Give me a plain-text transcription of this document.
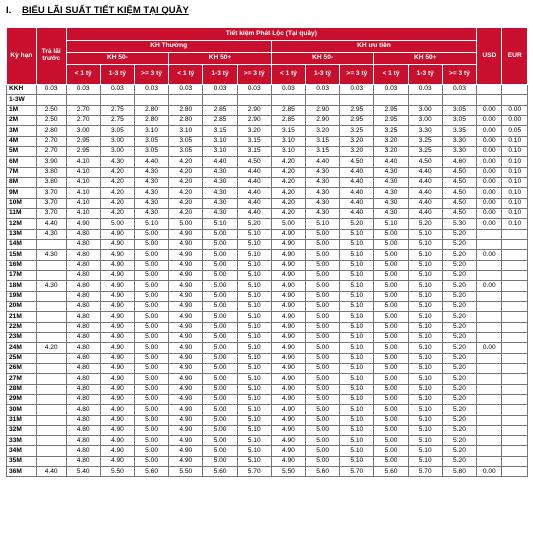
I. BIỂU LÃI SUẤT TIẾT KIỆM TẠI QUẦY
Kỳ hạn	Trả lãi trước	Tiết kiệm Phát Lộc (Tại quầy)												USD	EUR
		KH Thường						KH ưu tiên							
		KH 50-			KH 50+			KH 50-			KH 50+				
		< 1 tỷ	1-3 tỷ	>= 3 tỷ	< 1 tỷ	1-3 tỷ	>= 3 tỷ	< 1 tỷ	1-3 tỷ	>= 3 tỷ	< 1 tỷ	1-3 tỷ	>= 3 tỷ		
KKH	0.03	0.03	0.03	0.03	0.03	0.03	0.03	0.03	0.03	0.03	0.03	0.03	0.03		
1-3W															
1M	2.50	2.70	2.75	2.80	2.80	2.85	2.90	2.85	2.90	2.95	2.95	3.00	3.05	0.00	0.00
2M	2.50	2.70	2.75	2.80	2.80	2.85	2.90	2.85	2.90	2.95	2.95	3.00	3.05	0.00	0.00
3M	2.80	3.00	3.05	3.10	3.10	3.15	3.20	3.15	3.20	3.25	3.25	3.30	3.35	0.00	0.05
4M	2.70	2.95	3.00	3.05	3.05	3.10	3.15	3.10	3.15	3.20	3.20	3.25	3.30	0.00	0.10
5M	2.70	2.95	3.00	3.05	3.05	3.10	3.15	3.10	3.15	3.20	3.20	3.25	3.30	0.00	0.10
6M	3.90	4.10	4.30	4.40	4.20	4.40	4.50	4.20	4.40	4.50	4.40	4.50	4.60	0.00	0.10
7M	3.80	4.10	4.20	4.30	4.20	4.30	4.40	4.20	4.30	4.40	4.30	4.40	4.50	0.00	0.10
8M	3.80	4.10	4.20	4.30	4.20	4.30	4.40	4.20	4.30	4.40	4.30	4.40	4.50	0.00	0.10
9M	3.70	4.10	4.20	4.30	4.20	4.30	4.40	4.20	4.30	4.40	4.30	4.40	4.50	0.00	0.10
10M	3.70	4.10	4.20	4.30	4.20	4.30	4.40	4.20	4.30	4.40	4.30	4.40	4.50	0.00	0.10
11M	3.70	4.10	4.20	4.30	4.20	4.30	4.40	4.20	4.30	4.40	4.30	4.40	4.50	0.00	0.10
12M	4.40	4.90	5.00	5.10	5.00	5.10	5.20	5.00	5.10	5.20	5.10	5.20	5.30	0.00	0.10
13M	4.30	4.80	4.90	5.00	4.90	5.00	5.10	4.90	5.00	5.10	5.00	5.10	5.20		
14M		4.80	4.90	5.00	4.90	5.00	5.10	4.90	5.00	5.10	5.00	5.10	5.20		
15M	4.30	4.80	4.90	5.00	4.90	5.00	5.10	4.90	5.00	5.10	5.00	5.10	5.20	0.00	
16M		4.80	4.90	5.00	4.90	5.00	5.10	4.90	5.00	5.10	5.00	5.10	5.20		
17M		4.80	4.90	5.00	4.90	5.00	5.10	4.90	5.00	5.10	5.00	5.10	5.20		
18M	4.30	4.80	4.90	5.00	4.90	5.00	5.10	4.90	5.00	5.10	5.00	5.10	5.20	0.00	
19M		4.80	4.90	5.00	4.90	5.00	5.10	4.90	5.00	5.10	5.00	5.10	5.20		
20M		4.80	4.90	5.00	4.90	5.00	5.10	4.90	5.00	5.10	5.00	5.10	5.20		
21M		4.80	4.90	5.00	4.90	5.00	5.10	4.90	5.00	5.10	5.00	5.10	5.20		
22M		4.80	4.90	5.00	4.90	5.00	5.10	4.90	5.00	5.10	5.00	5.10	5.20		
23M		4.80	4.90	5.00	4.90	5.00	5.10	4.90	5.00	5.10	5.00	5.10	5.20		
24M	4.20	4.80	4.90	5.00	4.90	5.00	5.10	4.90	5.00	5.10	5.00	5.10	5.20	0.00	
25M		4.80	4.90	5.00	4.90	5.00	5.10	4.90	5.00	5.10	5.00	5.10	5.20		
26M		4.80	4.90	5.00	4.90	5.00	5.10	4.90	5.00	5.10	5.00	5.10	5.20		
27M		4.80	4.90	5.00	4.90	5.00	5.10	4.90	5.00	5.10	5.00	5.10	5.20		
28M		4.80	4.90	5.00	4.90	5.00	5.10	4.90	5.00	5.10	5.00	5.10	5.20		
29M		4.80	4.90	5.00	4.90	5.00	5.10	4.90	5.00	5.10	5.00	5.10	5.20		
30M		4.80	4.90	5.00	4.90	5.00	5.10	4.90	5.00	5.10	5.00	5.10	5.20		
31M		4.80	4.90	5.00	4.90	5.00	5.10	4.90	5.00	5.10	5.00	5.10	5.20		
32M		4.80	4.90	5.00	4.90	5.00	5.10	4.90	5.00	5.10	5.00	5.10	5.20		
33M		4.80	4.90	5.00	4.90	5.00	5.10	4.90	5.00	5.10	5.00	5.10	5.20		
34M		4.80	4.90	5.00	4.90	5.00	5.10	4.90	5.00	5.10	5.00	5.10	5.20		
35M		4.80	4.90	5.00	4.90	5.00	5.10	4.90	5.00	5.10	5.00	5.10	5.20		
36M	4.40	5.40	5.50	5.60	5.50	5.60	5.70	5.50	5.60	5.70	5.60	5.70	5.80	0.00	
